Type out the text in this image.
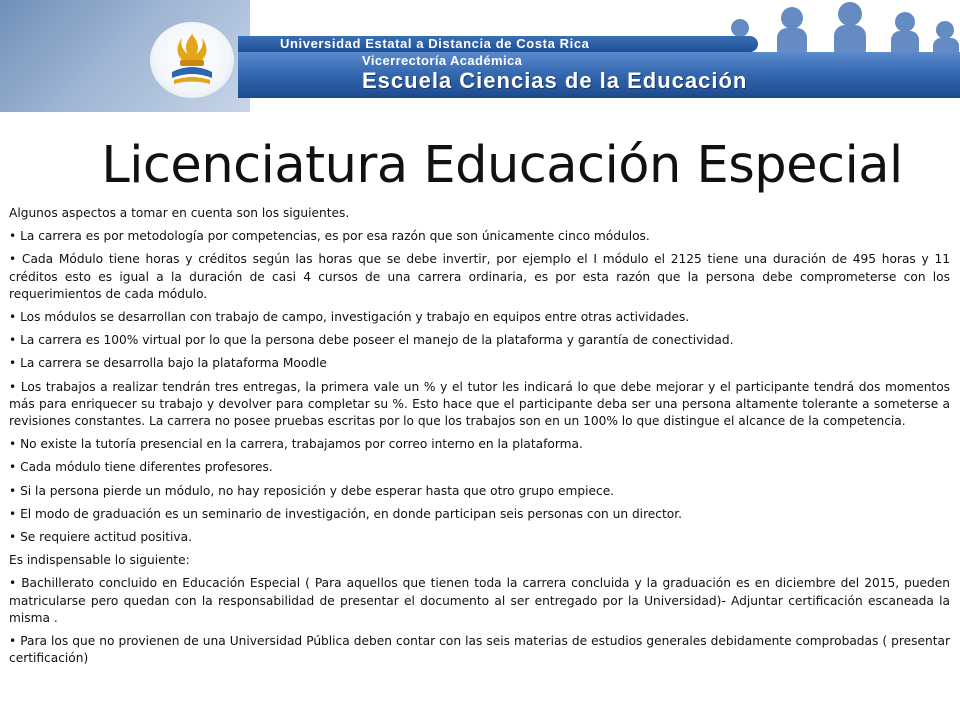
Universidad Estatal a Distancia de Costa Rica
Vicerrectoría Académica
Escuela Ciencias de la Educación
Licenciatura Educación Especial

Algunos aspectos a tomar en cuenta son los siguientes.

• La carrera es por metodología por competencias, es por esa razón que son únicamente cinco módulos.

• Cada Módulo tiene horas y créditos según las horas que se debe invertir, por ejemplo el I módulo el 2125 tiene una duración de 495 horas y 11 créditos esto es igual a la duración de casi 4 cursos de una carrera ordinaria, es por esta razón que la persona debe comprometerse con los requerimientos de cada módulo.

• Los módulos se desarrollan con trabajo de campo, investigación y trabajo en equipos entre otras actividades.

• La carrera es 100% virtual por lo que la persona debe poseer el manejo de la plataforma y garantía de conectividad.

• La carrera se desarrolla bajo la plataforma Moodle

• Los trabajos a realizar tendrán tres entregas, la primera vale un % y el tutor les indicará lo que debe mejorar y el participante tendrá dos momentos más para enriquecer su trabajo y devolver para completar su %. Esto hace que el participante deba ser una persona altamente tolerante a someterse a revisiones constantes. La carrera no posee pruebas escritas por lo que los trabajos son en un 100% lo que distingue el alcance de la competencia.

• No existe la tutoría presencial en la carrera, trabajamos por correo interno en la plataforma.

• Cada módulo tiene diferentes profesores.

• Si la persona pierde un módulo, no hay reposición y debe esperar hasta que otro grupo empiece.

• El modo de graduación es un seminario de investigación, en donde participan seis personas con un director.

• Se requiere actitud positiva.

Es indispensable lo siguiente:

• Bachillerato concluido en Educación Especial ( Para aquellos que tienen toda la carrera concluida y la graduación es en diciembre del 2015, pueden matricularse pero quedan con la responsabilidad de presentar el documento al ser entregado por la Universidad)- Adjuntar certificación escaneada la misma .

• Para los que no provienen de una Universidad Pública deben contar con las seis materias de estudios generales debidamente comprobadas ( presentar certificación)
